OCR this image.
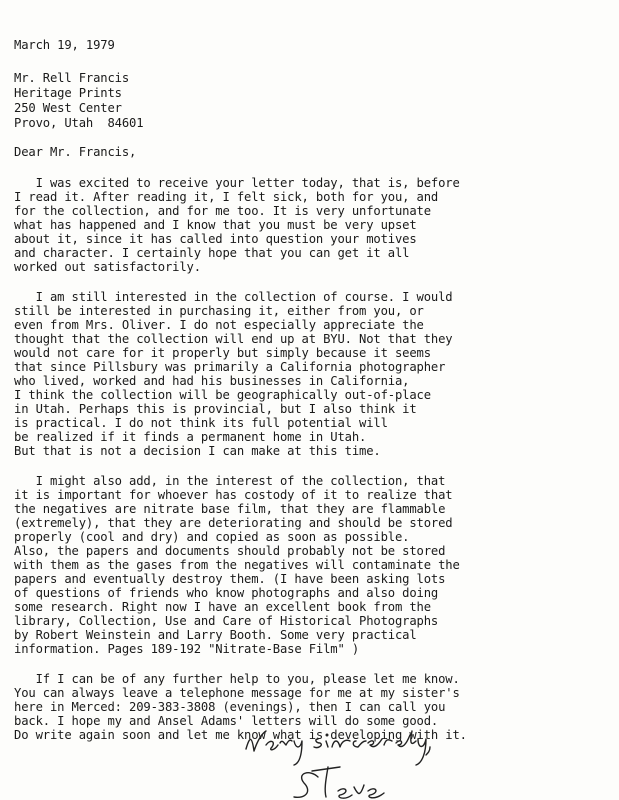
March 19, 1979
Mr. Rell Francis
Heritage Prints
250 West Center
Provo, Utah  84601
Dear Mr. Francis,
I was excited to receive your letter today, that is, before
I read it. After reading it, I felt sick, both for you, and
for the collection, and for me too. It is very unfortunate
what has happened and I know that you must be very upset
about it, since it has called into question your motives
and character. I certainly hope that you can get it all
worked out satisfactorily.
I am still interested in the collection of course. I would
still be interested in purchasing it, either from you, or
even from Mrs. Oliver. I do not especially appreciate the
thought that the collection will end up at BYU. Not that they
would not care for it properly but simply because it seems
that since Pillsbury was primarily a California photographer
who lived, worked and had his businesses in California,
I think the collection will be geographically out-of-place
in Utah. Perhaps this is provincial, but I also think it
is practical. I do not think its full potential will
be realized if it finds a permanent home in Utah.
But that is not a decision I can make at this time.
I might also add, in the interest of the collection, that
it is important for whoever has costody of it to realize that
the negatives are nitrate base film, that they are flammable
(extremely), that they are deteriorating and should be stored
properly (cool and dry) and copied as soon as possible.
Also, the papers and documents should probably not be stored
with them as the gases from the negatives will contaminate the
papers and eventually destroy them. (I have been asking lots
of questions of friends who know photographs and also doing
some research. Right now I have an excellent book from the
library, Collection, Use and Care of Historical Photographs
by Robert Weinstein and Larry Booth. Some very practical
information. Pages 189-192 "Nitrate-Base Film" )
If I can be of any further help to you, please let me know.
You can always leave a telephone message for me at my sister's
here in Merced: 209-383-3808 (evenings), then I can call you
back. I hope my and Ansel Adams' letters will do some good.
Do write again soon and let me know what is developing with it.
